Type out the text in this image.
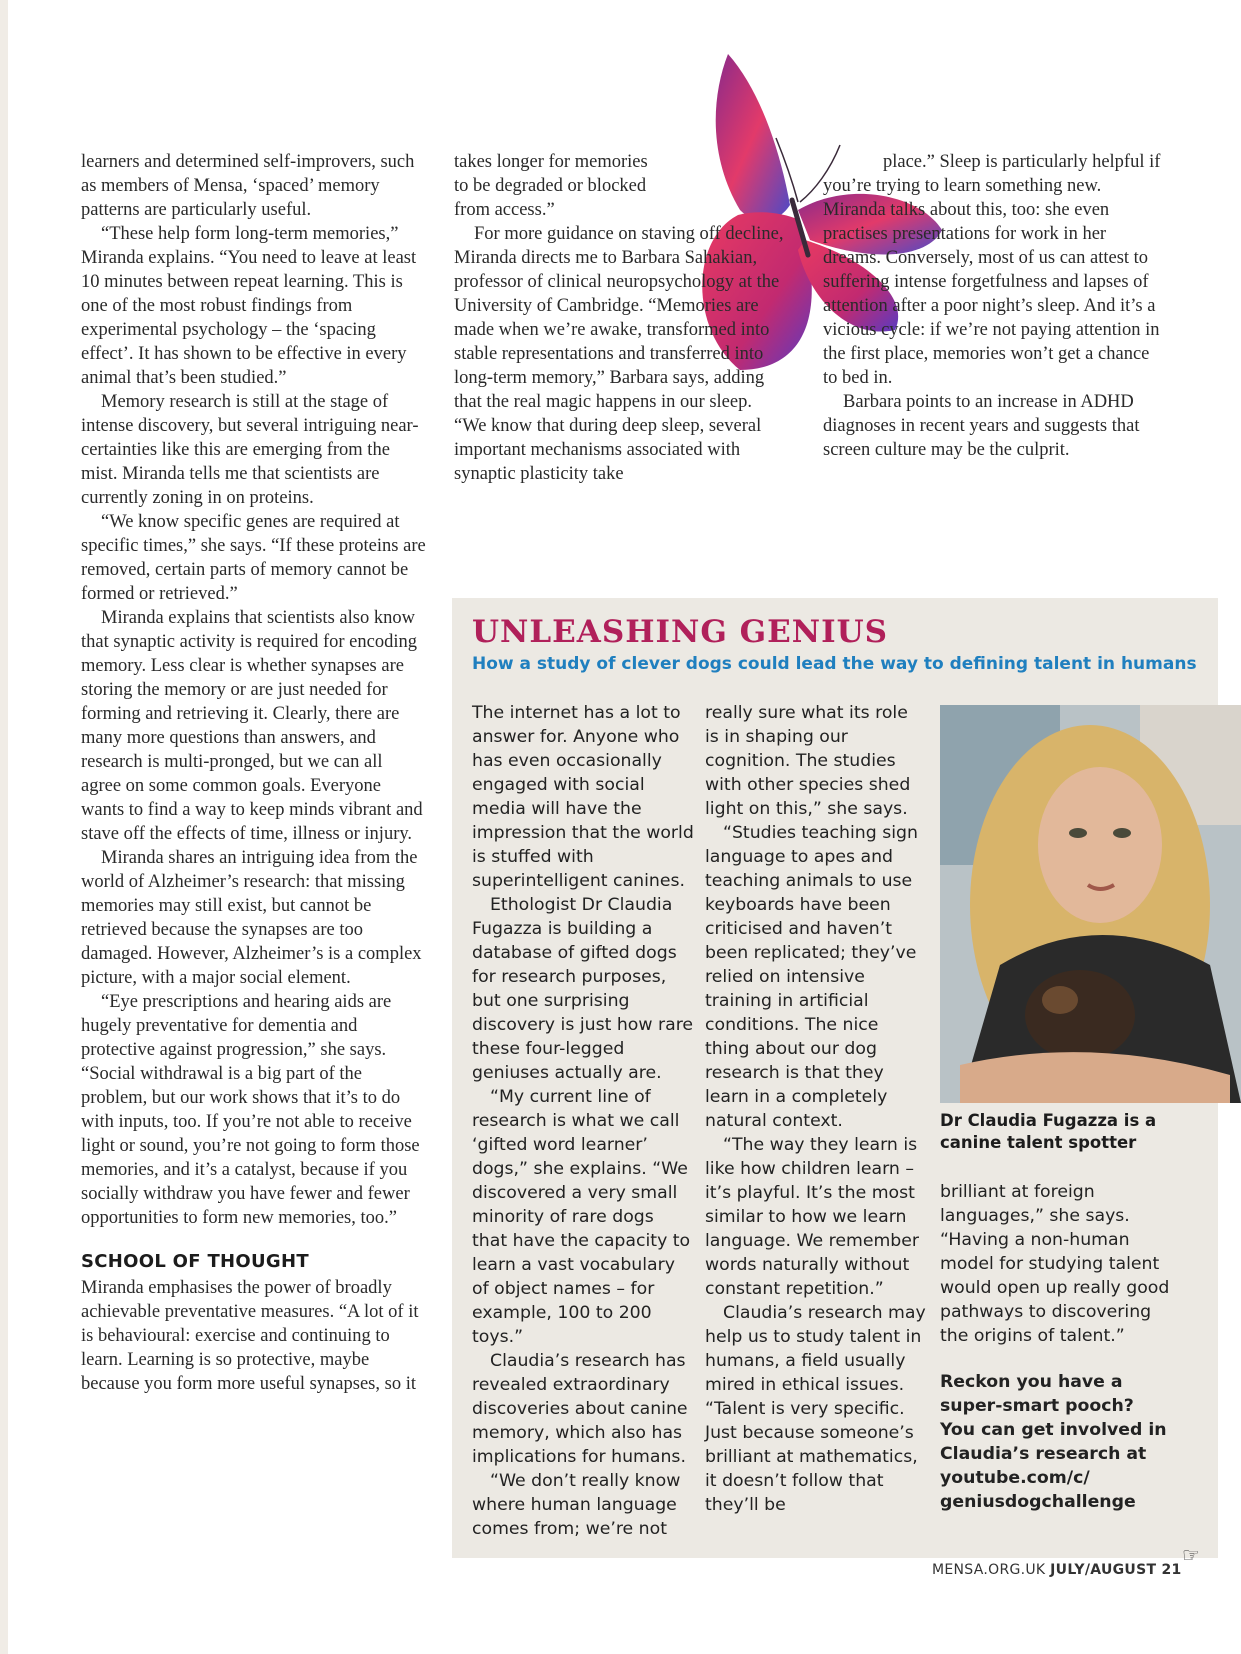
learners and determined self-improvers, such as members of Mensa, ‘spaced’ memory patterns are particularly useful.

“These help form long-term memories,” Miranda explains. “You need to leave at least 10 minutes between repeat learning. This is one of the most robust findings from experimental psychology – the ‘spacing effect’. It has shown to be effective in every animal that’s been studied.”

Memory research is still at the stage of intense discovery, but several intriguing near-certainties like this are emerging from the mist. Miranda tells me that scientists are currently zoning in on proteins.

“We know specific genes are required at specific times,” she says. “If these proteins are removed, certain parts of memory cannot be formed or retrieved.”

Miranda explains that scientists also know that synaptic activity is required for encoding memory. Less clear is whether synapses are storing the memory or are just needed for forming and retrieving it. Clearly, there are many more questions than answers, and research is multi-pronged, but we can all agree on some common goals. Everyone wants to find a way to keep minds vibrant and stave off the effects of time, illness or injury.

Miranda shares an intriguing idea from the world of Alzheimer’s research: that missing memories may still exist, but cannot be retrieved because the synapses are too damaged. However, Alzheimer’s is a complex picture, with a major social element.

“Eye prescriptions and hearing aids are hugely preventative for dementia and protective against progression,” she says. “Social withdrawal is a big part of the problem, but our work shows that it’s to do with inputs, too. If you’re not able to receive light or sound, you’re not going to form those memories, and it’s a catalyst, because if you socially withdraw you have fewer and fewer opportunities to form new memories, too.”

SCHOOL OF THOUGHT

Miranda emphasises the power of broadly achievable preventative measures. “A lot of it is behavioural: exercise and continuing to learn. Learning is so protective, maybe because you form more useful synapses, so it

takes longer for memories to be degraded or blocked from access.”

For more guidance on staving off decline, Miranda directs me to Barbara Sahakian, professor of clinical neuropsychology at the University of Cambridge. “Memories are made when we’re awake, transformed into stable representations and transferred into long-term memory,” Barbara says, adding that the real magic happens in our sleep. “We know that during deep sleep, several important mechanisms associated with synaptic plasticity take

place.” Sleep is particularly helpful if you’re trying to learn something new. Miranda talks about this, too: she even practises presentations for work in her dreams. Conversely, most of us can attest to suffering intense forgetfulness and lapses of attention after a poor night’s sleep. And it’s a vicious cycle: if we’re not paying attention in the first place, memories won’t get a chance to bed in.

Barbara points to an increase in ADHD diagnoses in recent years and suggests that screen culture may be the culprit.

UNLEASHING GENIUS
How a study of clever dogs could lead the way to defining talent in humans

The internet has a lot to answer for. Anyone who has even occasionally engaged with social media will have the impression that the world is stuffed with superintelligent canines.

Ethologist Dr Claudia Fugazza is building a database of gifted dogs for research purposes, but one surprising discovery is just how rare these four-legged geniuses actually are.

“My current line of research is what we call ‘gifted word learner’ dogs,” she explains. “We discovered a very small minority of rare dogs that have the capacity to learn a vast vocabulary of object names – for example, 100 to 200 toys.”

Claudia’s research has revealed extraordinary discoveries about canine memory, which also has implications for humans.

“We don’t really know where human language comes from; we’re not

really sure what its role is in shaping our cognition. The studies with other species shed light on this,” she says.

“Studies teaching sign language to apes and teaching animals to use keyboards have been criticised and haven’t been replicated; they’ve relied on intensive training in artificial conditions. The nice thing about our dog research is that they learn in a completely natural context.

“The way they learn is like how children learn – it’s playful. It’s the most similar to how we learn language. We remember words naturally without constant repetition.”

Claudia’s research may help us to study talent in humans, a field usually mired in ethical issues. “Talent is very specific. Just because someone’s brilliant at mathematics, it doesn’t follow that they’ll be

Dr Claudia Fugazza is a canine talent spotter

brilliant at foreign languages,” she says. “Having a non-human model for studying talent would open up really good pathways to discovering the origins of talent.”

Reckon you have a super-smart pooch? You can get involved in Claudia’s research at youtube.com/c/ geniusdogchallenge

☞
MENSA.ORG.UK JULY/AUGUST 21
